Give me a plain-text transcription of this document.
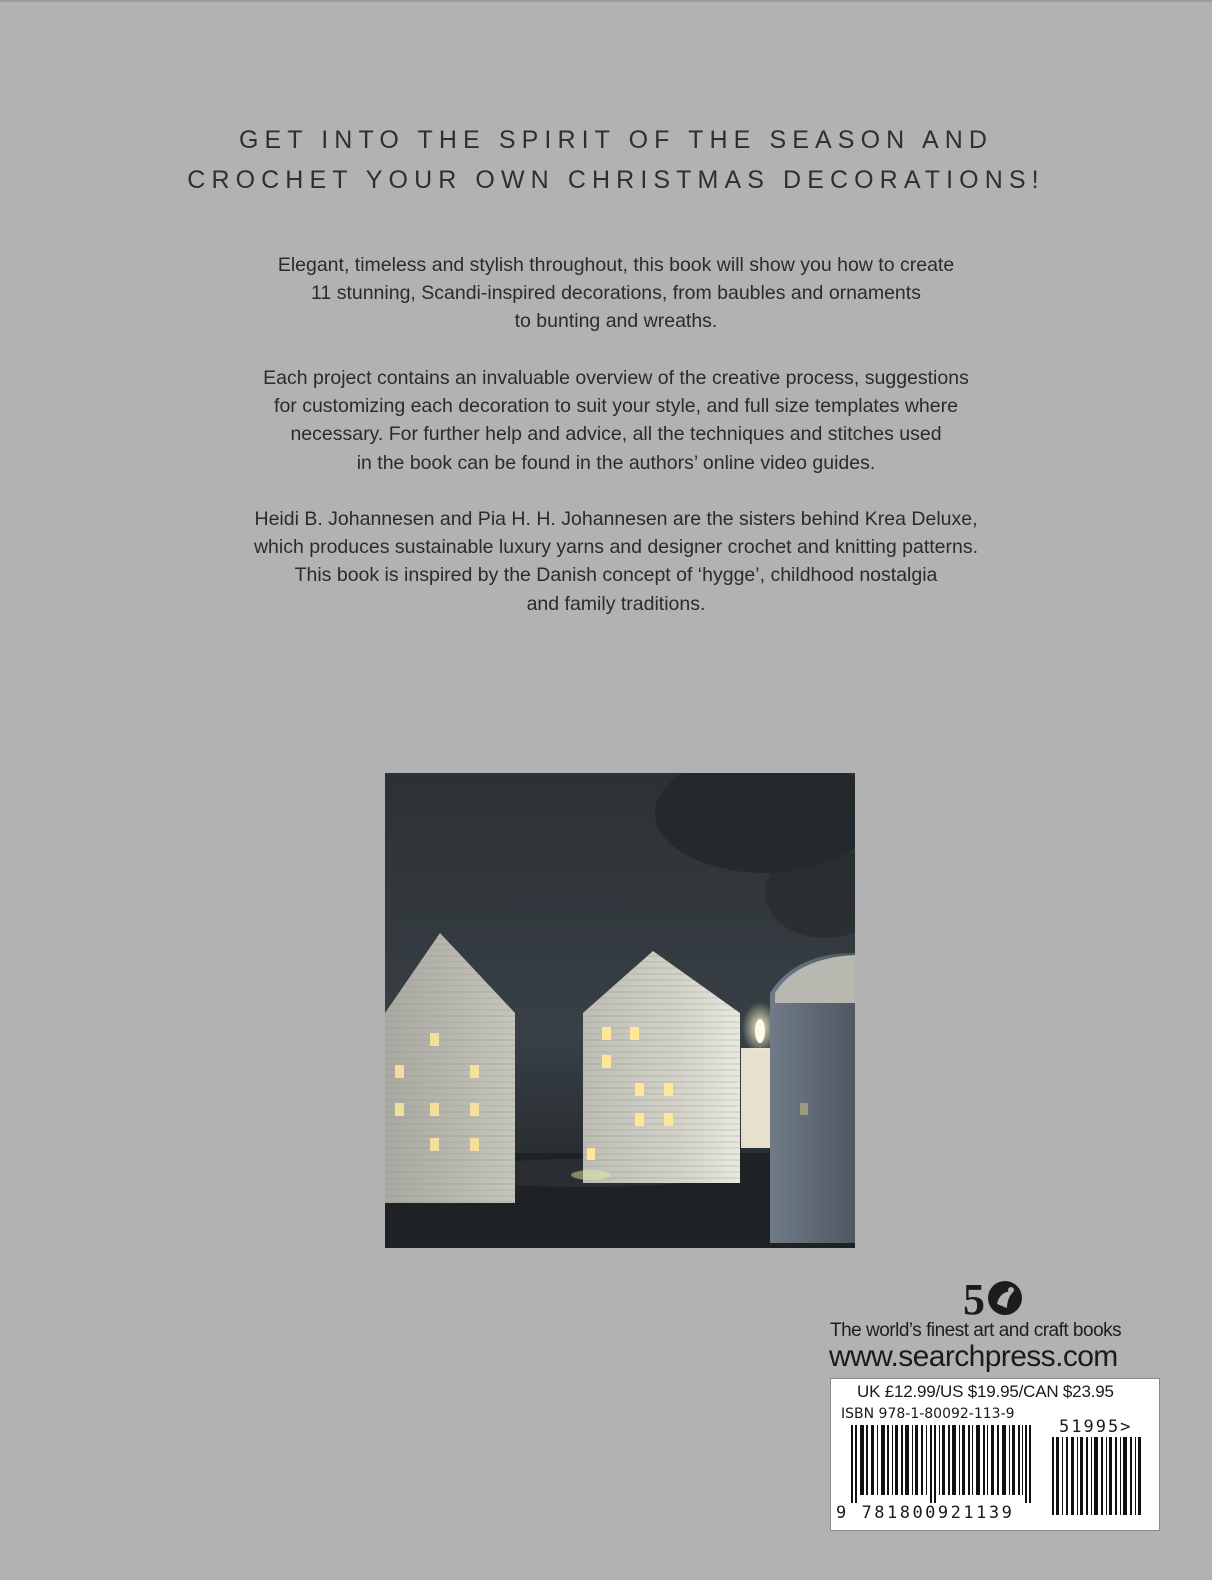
GET INTO THE SPIRIT OF THE SEASON AND
CROCHET YOUR OWN CHRISTMAS DECORATIONS!
Elegant, timeless and stylish throughout, this book will show you how to create
11 stunning, Scandi-inspired decorations, from baubles and ornaments
to bunting and wreaths.
Each project contains an invaluable overview of the creative process, suggestions
for customizing each decoration to suit your style, and full size templates where
necessary. For further help and advice, all the techniques and stitches used
in the book can be found in the authors’ online video guides.
Heidi B. Johannesen and Pia H. H. Johannesen are the sisters behind Krea Deluxe,
which produces sustainable luxury yarns and designer crochet and knitting patterns.
This book is inspired by the Danish concept of ‘hygge’, childhood nostalgia
and family traditions.
5
The world’s finest art and craft books
www.searchpress.com
UK £12.99/US $19.95/CAN $23.95
ISBN 978-1-80092-113-9
51995>
9 781800921139
